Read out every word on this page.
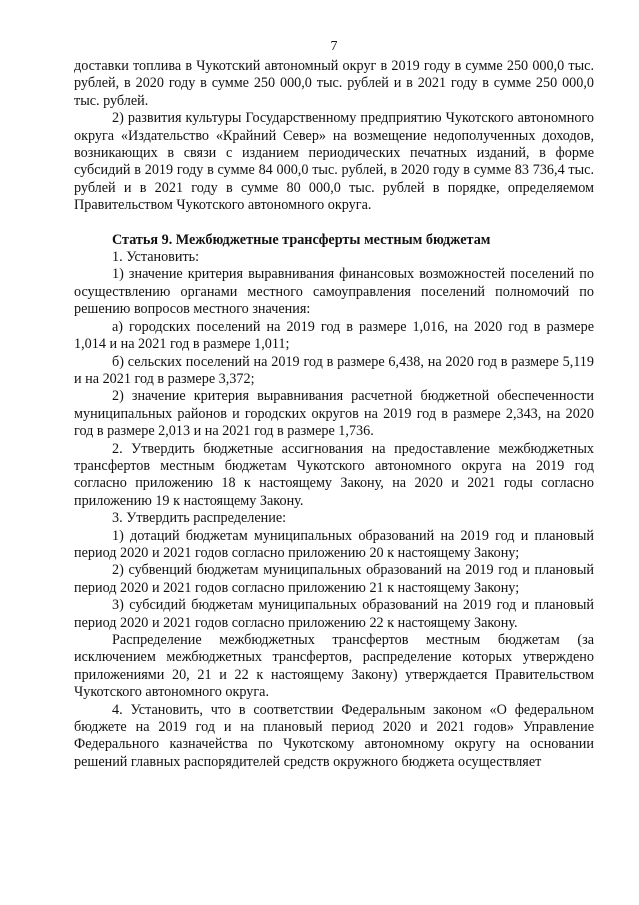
7

доставки топлива в Чукотский автономный округ в 2019 году в сумме 250 000,0 тыс. рублей, в 2020 году в сумме 250 000,0 тыс. рублей и в 2021 году в сумме 250 000,0 тыс. рублей.

2) развития культуры Государственному предприятию Чукотского автономного округа «Издательство «Крайний Север» на возмещение недополученных доходов, возникающих в связи с изданием периодических печатных изданий, в форме субсидий в 2019 году в сумме 84 000,0 тыс. рублей, в 2020 году в сумме 83 736,4 тыс. рублей и в 2021 году в сумме 80 000,0 тыс. рублей в порядке, определяемом Правительством Чукотского автономного округа.

Статья 9. Межбюджетные трансферты местным бюджетам

1. Установить:

1) значение критерия выравнивания финансовых возможностей поселений по осуществлению органами местного самоуправления поселений полномочий по решению вопросов местного значения:

а) городских поселений на 2019 год в размере 1,016, на 2020 год в размере 1,014 и на 2021 год в размере 1,011;

б) сельских поселений на 2019 год в размере 6,438, на 2020 год в размере 5,119 и на 2021 год в размере 3,372;

2) значение критерия выравнивания расчетной бюджетной обеспеченности муниципальных районов и городских округов на 2019 год в размере 2,343, на 2020 год в размере 2,013 и на 2021 год в размере 1,736.

2. Утвердить бюджетные ассигнования на предоставление межбюджетных трансфертов местным бюджетам Чукотского автономного округа на 2019 год согласно приложению 18 к настоящему Закону, на 2020 и 2021 годы согласно приложению 19 к настоящему Закону.

3. Утвердить распределение:

1) дотаций бюджетам муниципальных образований на 2019 год и плановый период 2020 и 2021 годов согласно приложению 20 к настоящему Закону;

2) субвенций бюджетам муниципальных образований на 2019 год и плановый период 2020 и 2021 годов согласно приложению 21 к настоящему Закону;

3) субсидий бюджетам муниципальных образований на 2019 год и плановый период 2020 и 2021 годов согласно приложению 22 к настоящему Закону.

Распределение межбюджетных трансфертов местным бюджетам (за исключением межбюджетных трансфертов, распределение которых утверждено приложениями 20, 21 и 22 к настоящему Закону) утверждается Правительством Чукотского автономного округа.

4. Установить, что в соответствии Федеральным законом «О федеральном бюджете на 2019 год и на плановый период 2020 и 2021 годов» Управление Федерального казначейства по Чукотскому автономному округу на основании решений главных распорядителей средств окружного бюджета осуществляет
